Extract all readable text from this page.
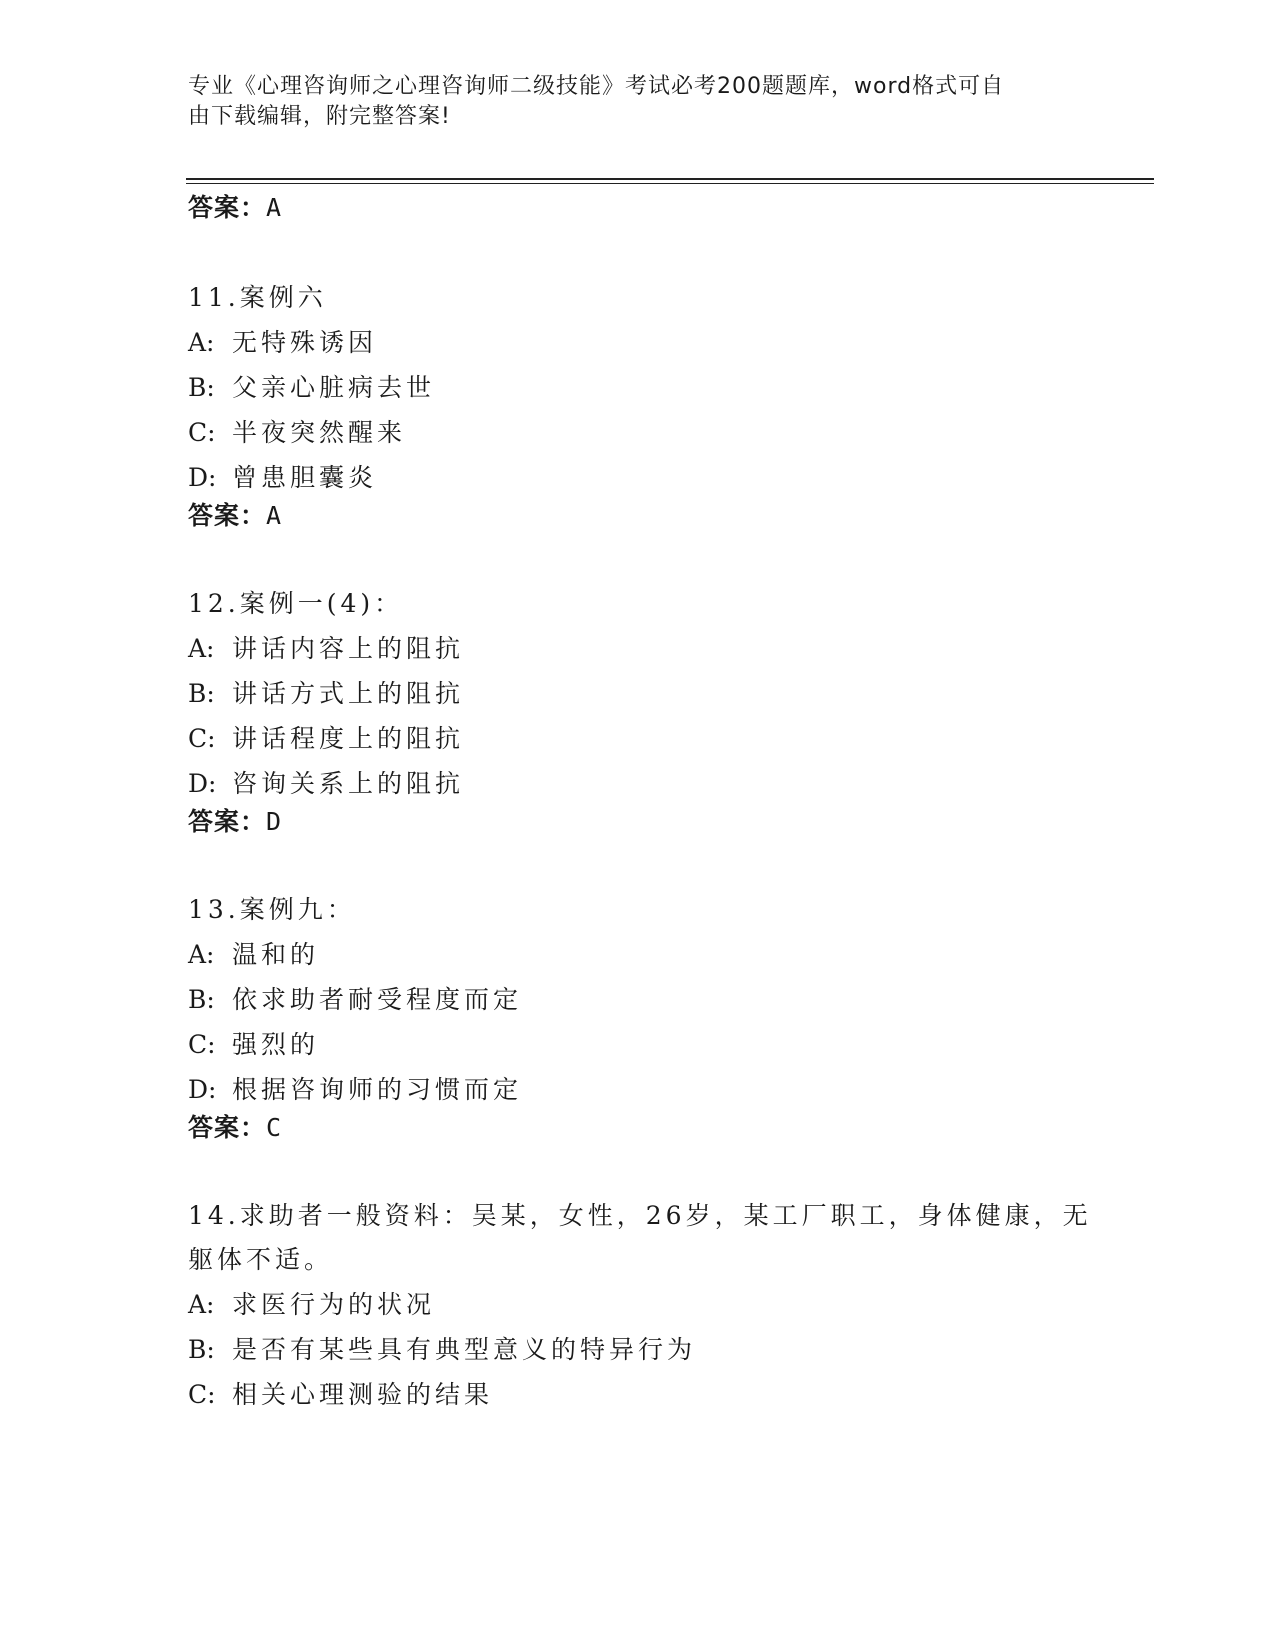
专业《心理咨询师之心理咨询师二级技能》考试必考200题题库，word格式可自
由下载编辑，附完整答案!
答案：A
11.案例六
A: 无特殊诱因
B: 父亲心脏病去世
C: 半夜突然醒来
D: 曾患胆囊炎
答案：A
12.案例一(4)：
A: 讲话内容上的阻抗
B: 讲话方式上的阻抗
C: 讲话程度上的阻抗
D: 咨询关系上的阻抗
答案：D
13.案例九：
A: 温和的
B: 依求助者耐受程度而定
C: 强烈的
D: 根据咨询师的习惯而定
答案：C
14.求助者一般资料：吴某，女性，26岁，某工厂职工，身体健康，无
躯体不适。
A: 求医行为的状况
B: 是否有某些具有典型意义的特异行为
C: 相关心理测验的结果
